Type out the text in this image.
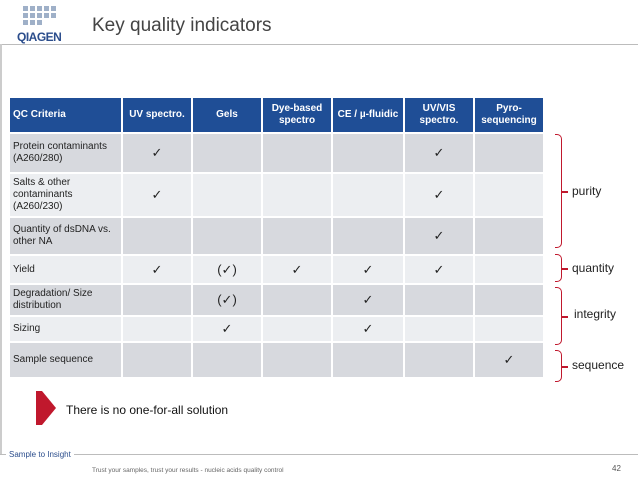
QIAGEN
Key quality indicators
QC Criteria	UV spectro.	Gels	Dye-based spectro	CE / µ-fluidic	UV/VIS spectro.	Pyro-sequencing
Protein contaminants (A260/280)	✓				✓	
Salts & other contaminants (A260/230)	✓				✓	
Quantity of dsDNA vs. other NA					✓	
Yield	✓	(✓)	✓	✓	✓	
Degradation/ Size distribution		(✓)		✓		
Sizing		✓		✓		
Sample sequence						✓
purity
quantity
integrity
sequence
There is no one-for-all solution
Sample to Insight
Trust your samples, trust your results - nucleic acids quality control	42
